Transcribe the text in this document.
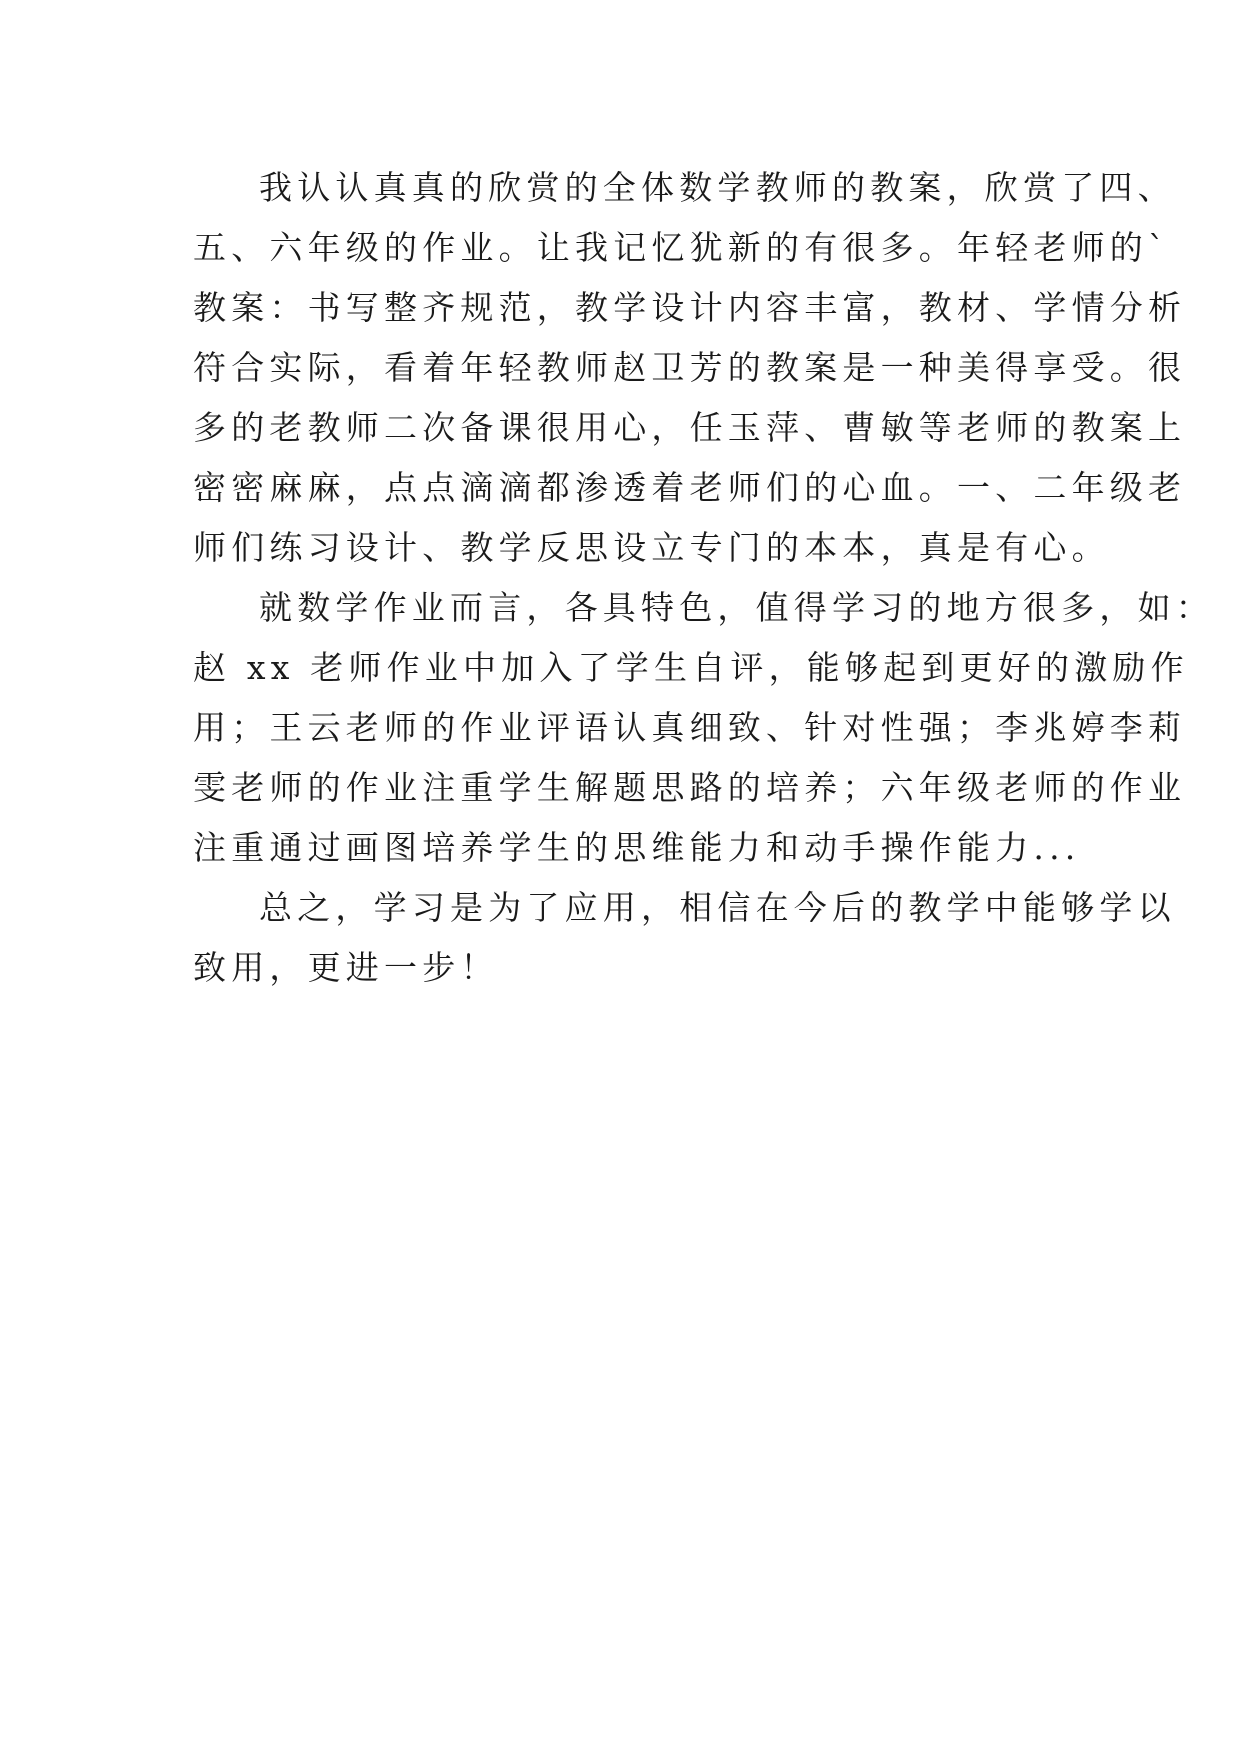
我认认真真的欣赏的全体数学教师的教案，欣赏了四、
五、六年级的作业。让我记忆犹新的有很多。年轻老师的`
教案：书写整齐规范，教学设计内容丰富，教材、学情分析
符合实际，看着年轻教师赵卫芳的教案是一种美得享受。很
多的老教师二次备课很用心，任玉萍、曹敏等老师的教案上
密密麻麻，点点滴滴都渗透着老师们的心血。一、二年级老
师们练习设计、教学反思设立专门的本本，真是有心。
就数学作业而言，各具特色，值得学习的地方很多，如：
赵 xx 老师作业中加入了学生自评，能够起到更好的激励作
用；王云老师的作业评语认真细致、针对性强；李兆婷李莉
雯老师的作业注重学生解题思路的培养；六年级老师的作业
注重通过画图培养学生的思维能力和动手操作能力...
总之，学习是为了应用，相信在今后的教学中能够学以
致用，更进一步！
